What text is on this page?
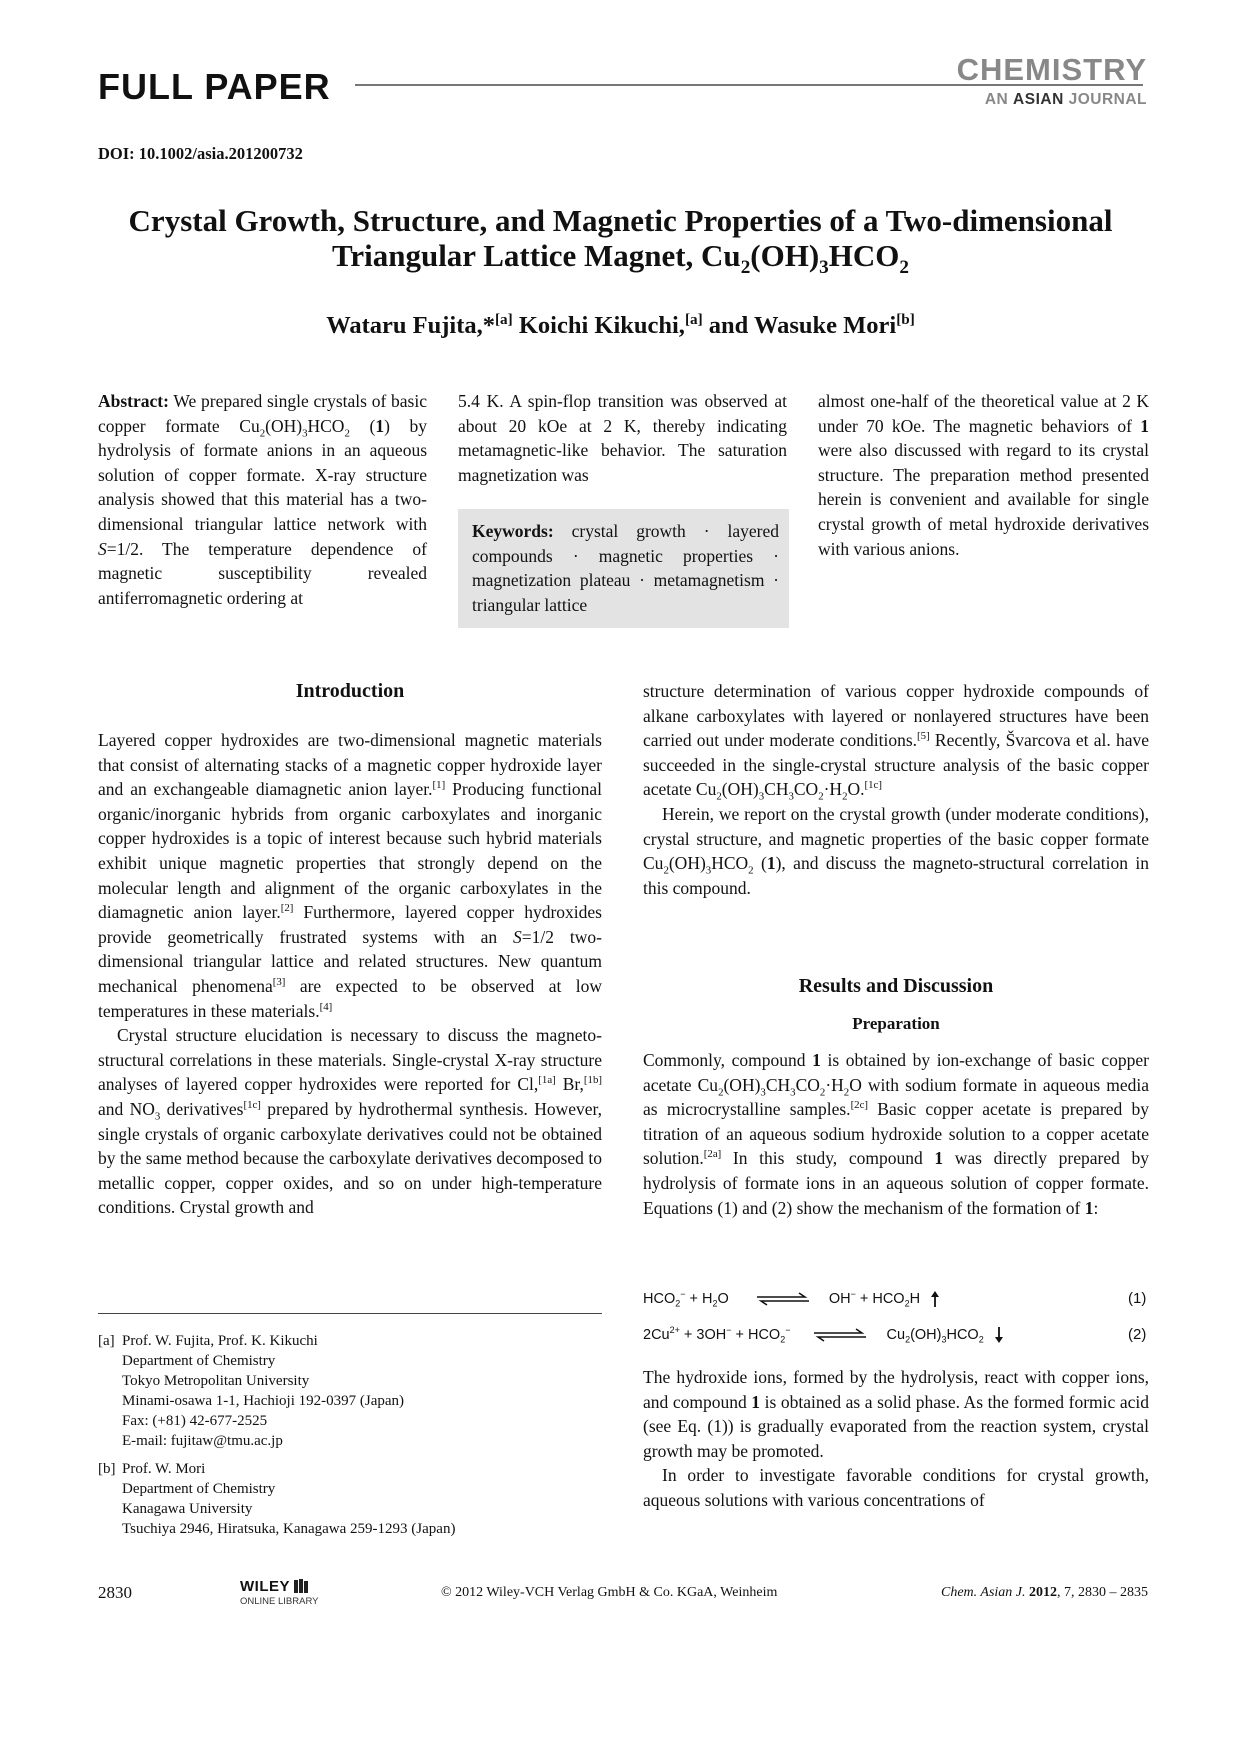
FULL PAPER	CHEMISTRY
AN ASIAN JOURNAL
DOI: 10.1002/asia.201200732
Crystal Growth, Structure, and Magnetic Properties of a Two-dimensional
Triangular Lattice Magnet, $Cu_2(OH)_3HCO_2$
Wataru Fujita,*[a] Koichi Kikuchi,[a] and Wasuke Mori[b]
Abstract: We prepared single crystals of basic copper formate $Cu_2(OH)_3HCO_2$ (1) by hydrolysis of formate anions in an aqueous solution of copper formate. X-ray structure analysis showed that this material has a two-dimensional triangular lattice network with S=1/2. The temperature dependence of magnetic susceptibility revealed antiferromagnetic ordering at
5.4 K. A spin-flop transition was observed at about 20 kOe at 2 K, thereby indicating metamagnetic-like behavior. The saturation magnetization was
Keywords: crystal growth · layered compounds · magnetic properties · magnetization plateau · metamagnetism · triangular lattice
almost one-half of the theoretical value at 2 K under 70 kOe. The magnetic behaviors of 1 were also discussed with regard to its crystal structure. The preparation method presented herein is convenient and available for single crystal growth of metal hydroxide derivatives with various anions.
Introduction

Layered copper hydroxides are two-dimensional magnetic materials that consist of alternating stacks of a magnetic copper hydroxide layer and an exchangeable diamagnetic anion layer.[1] Producing functional organic/inorganic hybrids from organic carboxylates and inorganic copper hydroxides is a topic of interest because such hybrid materials exhibit unique magnetic properties that strongly depend on the molecular length and alignment of the organic carboxylates in the diamagnetic anion layer.[2] Furthermore, layered copper hydroxides provide geometrically frustrated systems with an S=1/2 two-dimensional triangular lattice and related structures. New quantum mechanical phenomena[3] are expected to be observed at low temperatures in these materials.[4]

Crystal structure elucidation is necessary to discuss the magneto-structural correlations in these materials. Single-crystal X-ray structure analyses of layered copper hydroxides were reported for Cl,[1a] Br,[1b] and $NO_3$ derivatives[1c] prepared by hydrothermal synthesis. However, single crystals of organic carboxylate derivatives could not be obtained by the same method because the carboxylate derivatives decomposed to metallic copper, copper oxides, and so on under high-temperature conditions. Crystal growth and

structure determination of various copper hydroxide compounds of alkane carboxylates with layered or nonlayered structures have been carried out under moderate conditions.[5] Recently, Švarcova et al. have succeeded in the single-crystal structure analysis of the basic copper acetate $Cu_2(OH)_3CH_3CO_2\cdot H_2O.[1c]$

Herein, we report on the crystal growth (under moderate conditions), crystal structure, and magnetic properties of the basic copper formate $Cu_2(OH)_3HCO_2$ (1), and discuss the magneto-structural correlation in this compound.

Results and Discussion
Preparation

Commonly, compound 1 is obtained by ion-exchange of basic copper acetate $Cu_2(OH)_3CH_3CO_2\cdot H_2O$ with sodium formate in aqueous media as microcrystalline samples.[2c] Basic copper acetate is prepared by titration of an aqueous sodium hydroxide solution to a copper acetate solution.[2a] In this study, compound 1 was directly prepared by hydrolysis of formate ions in an aqueous solution of copper formate. Equations (1) and (2) show the mechanism of the formation of 1:

$HCO_2^- + H_2O$ ⇌ $OH^- + HCO_2H$	(1)
$2Cu^{2+} + 3OH^- + HCO_2^-$ ⇌ $Cu_2(OH)_3HCO_2$	(2)

The hydroxide ions, formed by the hydrolysis, react with copper ions, and compound 1 is obtained as a solid phase. As the formed formic acid (see Eq. (1)) is gradually evaporated from the reaction system, crystal growth may be promoted.

In order to investigate favorable conditions for crystal growth, aqueous solutions with various concentrations of

[a] Prof. W. Fujita, Prof. K. Kikuchi
Department of Chemistry
Tokyo Metropolitan University
Minami-osawa 1-1, Hachioji 192-0397 (Japan)
Fax: (+81) 42-677-2525
E-mail: fujitaw@tmu.ac.jp
[b] Prof. W. Mori
Department of Chemistry
Kanagawa University
Tsuchiya 2946, Hiratsuka, Kanagawa 259-1293 (Japan)
2830	WILEY
ONLINE LIBRARY
© 2012 Wiley-VCH Verlag GmbH & Co. KGaA, Weinheim	Chem. Asian J. 2012, 7, 2830 – 2835
